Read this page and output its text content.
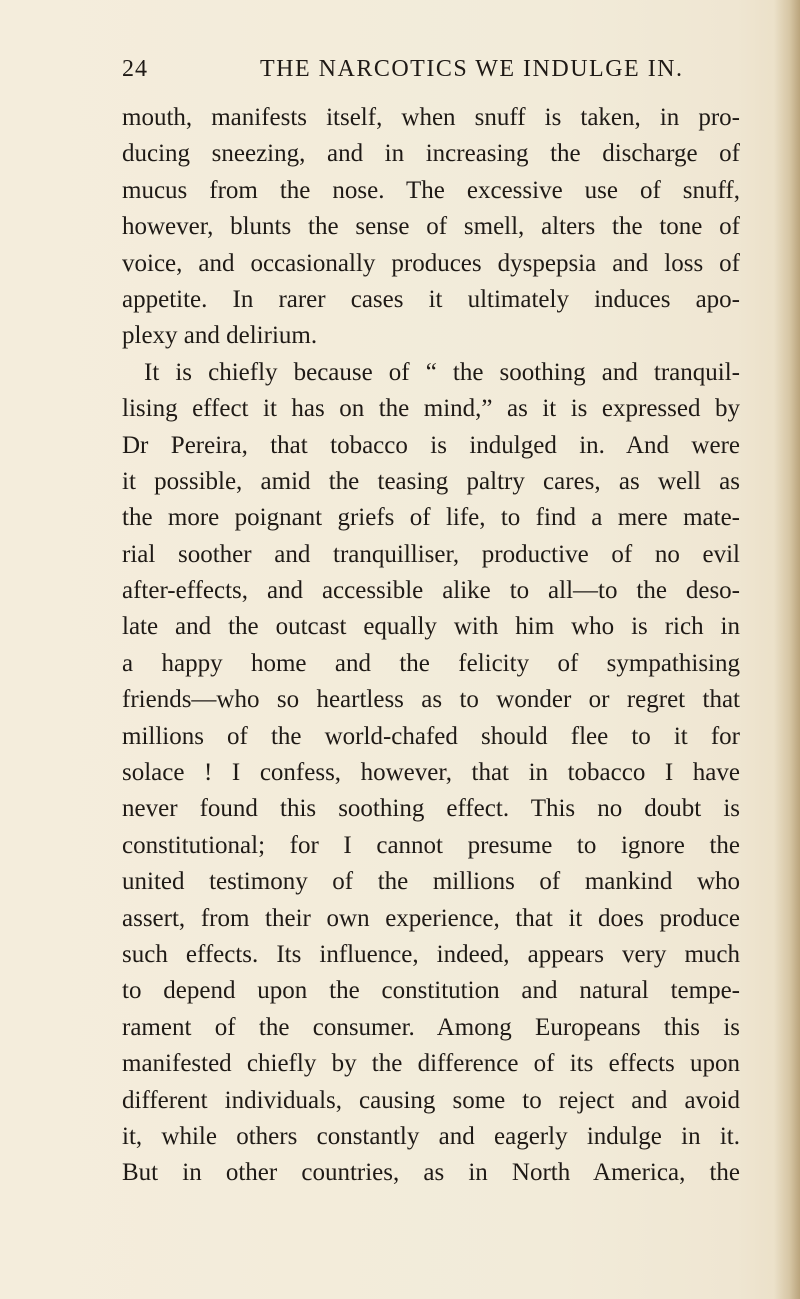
24	THE NARCOTICS WE INDULGE IN.
mouth, manifests itself, when snuff is taken, in pro-
ducing sneezing, and in increasing the discharge of
mucus from the nose. The excessive use of snuff,
however, blunts the sense of smell, alters the tone of
voice, and occasionally produces dyspepsia and loss of
appetite. In rarer cases it ultimately induces apo-
plexy and delirium.
It is chiefly because of “ the soothing and tranquil-
lising effect it has on the mind,” as it is expressed by
Dr Pereira, that tobacco is indulged in. And were
it possible, amid the teasing paltry cares, as well as
the more poignant griefs of life, to find a mere mate-
rial soother and tranquilliser, productive of no evil
after-effects, and accessible alike to all—to the deso-
late and the outcast equally with him who is rich in
a happy home and the felicity of sympathising
friends—who so heartless as to wonder or regret that
millions of the world-chafed should flee to it for
solace ! I confess, however, that in tobacco I have
never found this soothing effect. This no doubt is
constitutional; for I cannot presume to ignore the
united testimony of the millions of mankind who
assert, from their own experience, that it does produce
such effects. Its influence, indeed, appears very much
to depend upon the constitution and natural tempe-
rament of the consumer. Among Europeans this is
manifested chiefly by the difference of its effects upon
different individuals, causing some to reject and avoid
it, while others constantly and eagerly indulge in it.
But in other countries, as in North America, the
